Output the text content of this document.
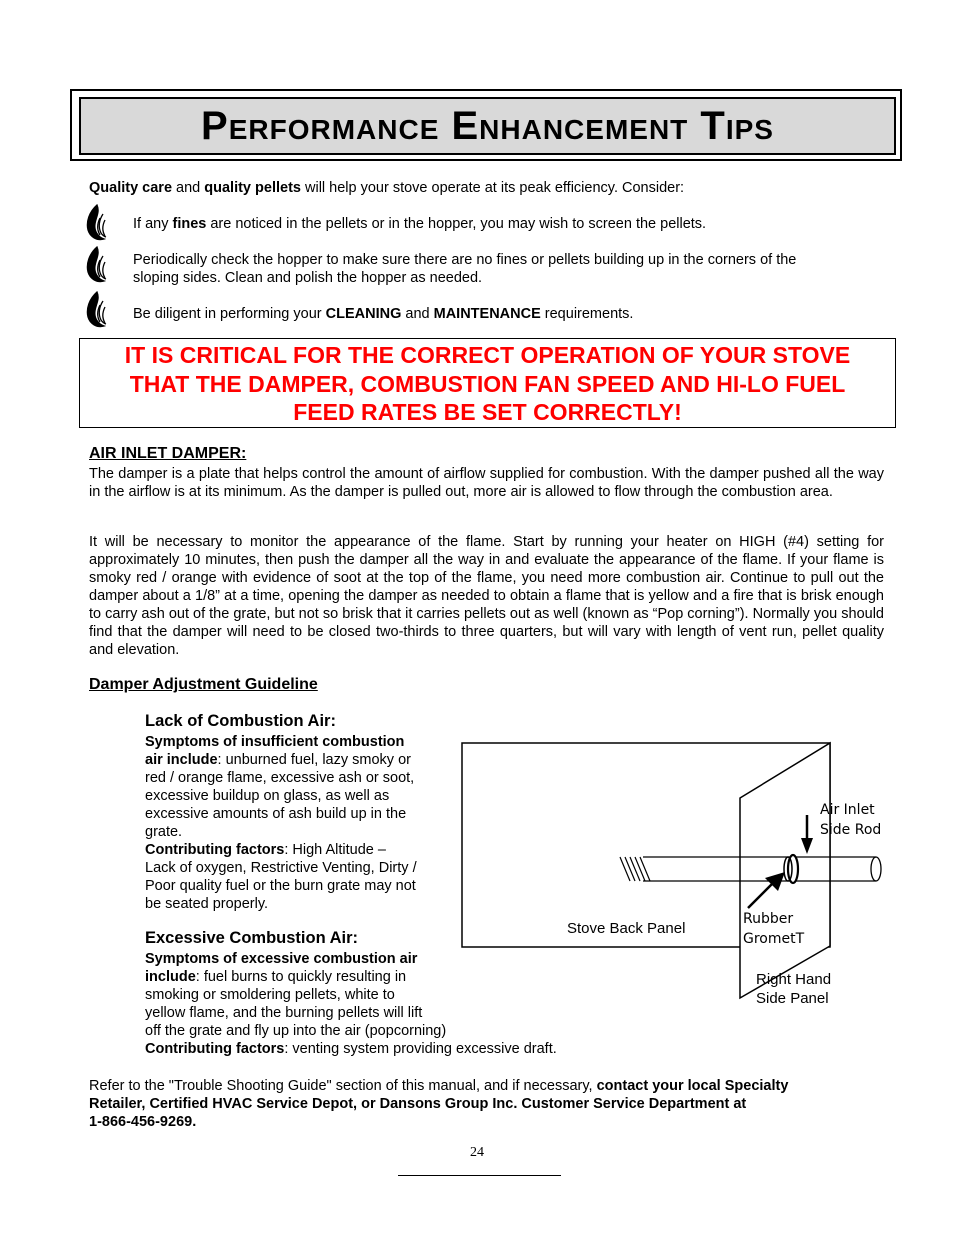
Performance Enhancement Tips
Quality care and quality pellets will help your stove operate at its peak efficiency. Consider:
If any fines are noticed in the pellets or in the hopper, you may wish to screen the pellets.
Periodically check the hopper to make sure there are no fines or pellets building up in the corners of the
sloping sides. Clean and polish the hopper as needed.
Be diligent in performing your CLEANING and MAINTENANCE requirements.
IT IS CRITICAL FOR THE CORRECT OPERATION OF YOUR STOVE
THAT THE DAMPER, COMBUSTION FAN SPEED AND HI-LO FUEL
FEED RATES BE SET CORRECTLY!
AIR INLET DAMPER:
The damper is a plate that helps control the amount of airflow supplied for combustion. With the damper pushed all the way in the airflow is at its minimum. As the damper is pulled out, more air is allowed to flow through the combustion area.
It will be necessary to monitor the appearance of the flame. Start by running your heater on HIGH (#4) setting for approximately 10 minutes, then push the damper all the way in and evaluate the appearance of the flame. If your flame is smoky red / orange with evidence of soot at the top of the flame, you need more combustion air. Continue to pull out the damper about a 1/8” at a time, opening the damper as needed to obtain a flame that is yellow and a fire that is brisk enough to carry ash out of the grate, but not so brisk that it carries pellets out as well (known as “Pop corning”). Normally you should find that the damper will need to be closed two-thirds to three quarters, but will vary with length of vent run, pellet quality and elevation.
Damper Adjustment Guideline
Lack of Combustion Air:
Symptoms of insufficient combustion
air include: unburned fuel, lazy smoky or
red / orange flame, excessive ash or soot,
excessive buildup on glass, as well as
excessive amounts of ash build up in the
grate.
Contributing factors: High Altitude –
Lack of oxygen, Restrictive Venting, Dirty /
Poor quality fuel or the burn grate may not
be seated properly.
Excessive Combustion Air:
Symptoms of excessive combustion air
include: fuel burns to quickly resulting in
smoking or smoldering pellets, white to
yellow flame, and the burning pellets will lift
off the grate and fly up into the air (popcorning)
Contributing factors: venting system providing excessive draft.
Stove Back Panel
Air Inlet
Side Rod
Rubber
GrometT
Right Hand
Side Panel
Refer to the "Trouble Shooting Guide" section of this manual, and if necessary, contact your local Specialty
Retailer, Certified HVAC Service Depot, or Dansons Group Inc. Customer Service Department at
1-866-456-9269.
24
